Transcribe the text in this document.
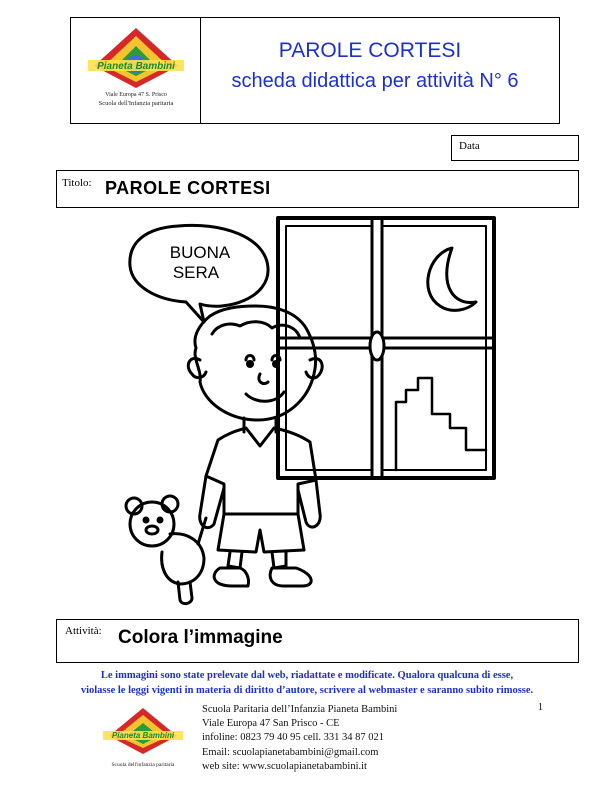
Pianeta Bambini
Viale Europa 47 S. Prisco
Scuola dell'Infanzia paritaria
PAROLE CORTESI
scheda didattica per attività N° 6
Data
Titolo: PAROLE CORTESI
BUONA
SERA
Attività: Colora l’immagine
Le immagini sono state prelevate dal web, riadattate e modificate. Qualora qualcuna di esse,
violasse le leggi vigenti in materia di diritto d’autore, scrivere al webmaster e saranno subito rimosse.
Pianeta Bambini
Scuola dell'infanzia paritaria
Scuola Paritaria dell’Infanzia Pianeta Bambini
Viale Europa 47 San Prisco - CE
infoline: 0823 79 40 95 cell. 331 34 87 021
Email: scuolapianetabambini@gmail.com
web site: www.scuolapianetabambini.it
1
